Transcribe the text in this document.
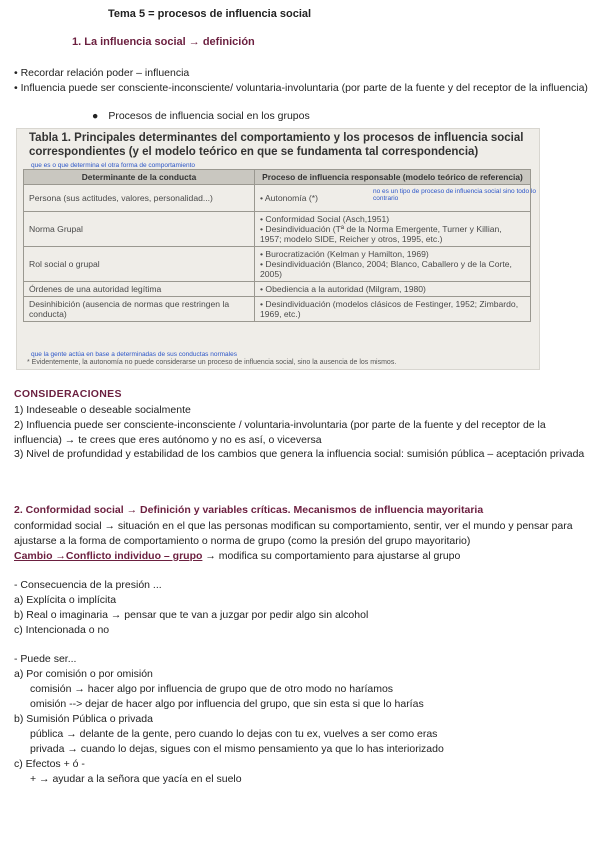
Tema 5 = procesos de influencia social
1. La influencia social → definición
• Recordar relación poder – influencia
• Influencia puede ser consciente-inconsciente/ voluntaria-involuntaria (por parte de la fuente y del receptor de la influencia)
● Procesos de influencia social en los grupos
Tabla 1. Principales determinantes del comportamiento y los procesos de influencia social correspondientes (y el modelo teórico en que se fundamenta tal correspondencia)
que es o que determina el otra forma de comportamiento
Determinante de la conducta	Proceso de influencia responsable (modelo teórico de referencia)
Persona (sus actitudes, valores, personalidad...)	• Autonomía (*)
no es un tipo de proceso de influencia social sino todo lo contrario

Norma Grupal	• Conformidad Social (Asch,1951)
• Desindividuación (Tª de la Norma Emergente, Turner y Killian, 1957; modelo SIDE, Reicher y otros, 1995, etc.)
Rol social o grupal	• Burocratización (Kelman y Hamilton, 1969)
• Desindividuación (Blanco, 2004; Blanco, Caballero y de la Corte, 2005)
Órdenes de una autoridad legítima	• Obediencia a la autoridad (Milgram, 1980)
Desinhibición (ausencia de normas que restringen la conducta)	• Desindividuación (modelos clásicos de Festinger, 1952; Zimbardo, 1969, etc.)
que la gente actúa en base a determinadas de sus conductas normales
* Evidentemente, la autonomía no puede considerarse un proceso de influencia social, sino la ausencia de los mismos.
CONSIDERACIONES
1) Indeseable o deseable socialmente
2) Influencia puede ser consciente-inconsciente / voluntaria-involuntaria (por parte de la fuente y del receptor de la influencia) → te crees que eres autónomo y no es así, o viceversa
3) Nivel de profundidad y estabilidad de los cambios que genera la influencia social: sumisión pública – aceptación privada
2. Conformidad social → Definición y variables críticas. Mecanismos de influencia mayoritaria
conformidad social → situación en el que las personas modifican su comportamiento, sentir, ver el mundo y pensar para ajustarse a la forma de comportamiento o norma de grupo (como la presión del grupo mayoritario)
Cambio →Conflicto individuo – grupo → modifica su comportamiento para ajustarse al grupo
- Consecuencia de la presión ...
a) Explícita o implícita
b) Real o imaginaria → pensar que te van a juzgar por pedir algo sin alcohol
c) Intencionada o no
- Puede ser...
a) Por comisión o por omisión
comisión → hacer algo por influencia de grupo que de otro modo no haríamos
omisión --> dejar de hacer algo por influencia del grupo, que sin esta si que lo harías
b) Sumisión Pública o privada
pública → delante de la gente, pero cuando lo dejas con tu ex, vuelves a ser como eras
privada → cuando lo dejas, sigues con el mismo pensamiento ya que lo has interiorizado
c) Efectos + ó -
+ → ayudar a la señora que yacía en el suelo
